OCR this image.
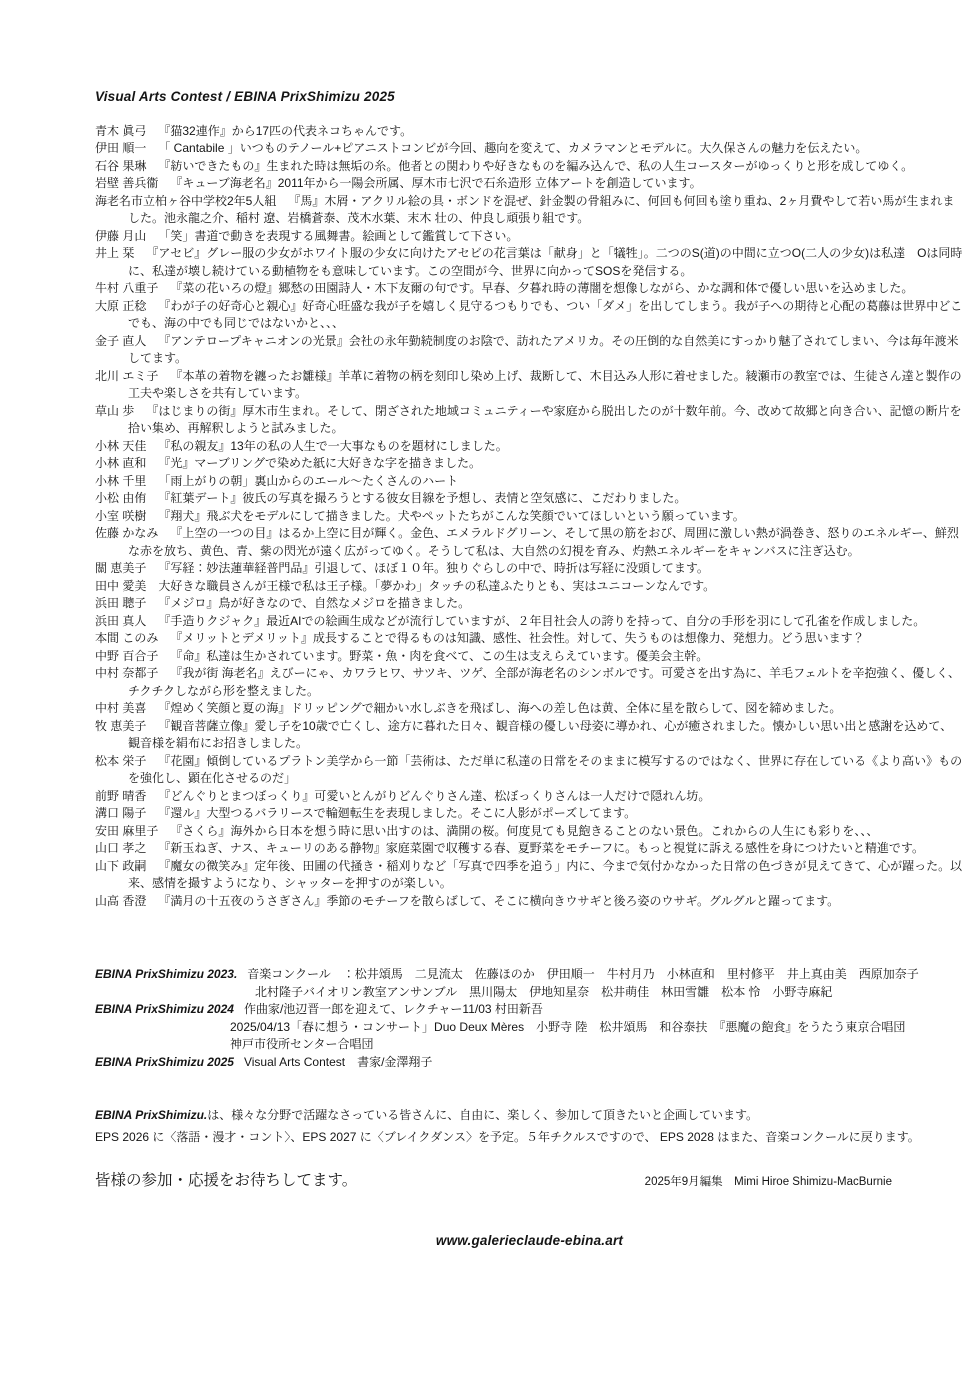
Visual Arts Contest / EBINA PrixShimizu 2025

青木 眞弓 『猫32連作』から17匹の代表ネコちゃんです。

伊田 順一 「 Cantabile 」いつものテノール+ピアニストコンビが今回、趣向を変えて、カメラマンとモデルに。大久保さんの魅力を伝えたい。

石谷 果琳 『紡いできたもの』生まれた時は無垢の糸。他者との関わりや好きなものを編み込んで、私の人生コースターがゆっくりと形を成してゆく。

岩壁 善兵衞 『キューブ海老名』2011年から一陽会所属、厚木市七沢で石糸造形 立体アートを創造しています。

海老名市立柏ヶ谷中学校2年5人組 『馬』木屑・アクリル絵の具・ボンドを混ぜ、針金製の骨組みに、何回も何回も塗り重ね、2ヶ月費やして若い馬が生まれました。池永龍之介、稲村 遼、岩橋蒼泰、茂木水葉、末木 壮の、仲良し頑張り組です。

伊藤 月山 「笑」書道で動きを表現する風舞書。絵画として鑑賞して下さい。

井上 栞 『アセビ』グレー服の少女がホワイト服の少女に向けたアセビの花言葉は「献身」と「犠牲」。二つのS(道)の中間に立つO(二人の少女)は私達　Oは同時に、私達が壊し続けている動植物をも意味しています。この空間が今、世界に向かってSOSを発信する。

牛村 八重子 『菜の花いろの燈』郷愁の田園詩人・木下友爾の句です。早春、夕暮れ時の薄闇を想像しながら、かな調和体で優しい思いを込めました。

大原 正稔 『わが子の好奇心と親心』好奇心旺盛な我が子を嬉しく見守るつもりでも、つい「ダメ」を出してしまう。我が子への期待と心配の葛藤は世界中どこでも、海の中でも同じではないかと、、、

金子 直人 『アンテロープキャニオンの光景』会社の永年勤続制度のお陰で、訪れたアメリカ。その圧倒的な自然美にすっかり魅了されてしまい、今は毎年渡米してます。

北川 エミ子 『本革の着物を纏ったお雛様』羊革に着物の柄を刻印し染め上げ、裁断して、木目込み人形に着せました。綾瀬市の教室では、生徒さん達と製作の工夫や楽しさを共有しています。

草山 歩 『はじまりの街』厚木市生まれ。そして、閉ざされた地域コミュニティーや家庭から脱出したのが十数年前。今、改めて故郷と向き合い、記憶の断片を拾い集め、再解釈しようと試みました。

小林 天佳 『私の親友』13年の私の人生で一大事なものを題材にしました。

小林 直和 『光』マーブリングで染めた紙に大好きな字を描きました。

小林 千里 「雨上がりの朝」裏山からのエール〜たくさんのハート

小松 由侑 『紅葉デート』彼氏の写真を撮ろうとする彼女目線を予想し、表情と空気感に、こだわりました。

小室 咲樹 『翔犬』飛ぶ犬をモデルにして描きました。犬やペットたちがこんな笑顔でいてほしいという願っています。

佐藤 かなみ 『上空の一つの目』はるか上空に目が輝く。金色、エメラルドグリーン、そして黒の筋をおび、周囲に激しい熱が渦巻き、怒りのエネルギー、鮮烈な赤を放ち、黄色、青、紫の閃光が遠く広がってゆく。そうして私は、大自然の幻視を育み、灼熱エネルギーをキャンバスに注ぎ込む。

關 恵美子 『写経：妙法蓮華経普門品』引退して、ほぼ１０年。独りぐらしの中で、時折は写経に没頭してます。

田中 愛美 大好きな職員さんが王様で私は王子様。「夢かわ」タッチの私達ふたりとも、実はユニコーンなんです。

浜田 聰子 『メジロ』鳥が好きなので、自然なメジロを描きました。

浜田 真人 『手造りクジャク』最近AIでの絵画生成などが流行していますが、２年目社会人の誇りを持って、自分の手形を羽にして孔雀を作成しました。

本間 このみ 『メリットとデメリット』成長することで得るものは知識、感性、社会性。対して、失うものは想像力、発想力。どう思います？

中野 百合子 『命』私達は生かされています。野菜・魚・肉を食べて、この生は支えらえています。優美会主幹。

中村 奈都子 『我が街 海老名』えびーにゃ、カワラヒワ、サツキ、ツゲ、全部が海老名のシンボルです。可愛さを出す為に、羊毛フェルトを辛抱強く、優しく、チクチクしながら形を整えました。

中村 美喜 『煌めく笑顔と夏の海』ドリッピングで細かい水しぶきを飛ばし、海への差し色は黄、全体に星を散らして、図を締めました。

牧 恵美子 『観音菩薩立像』愛し子を10歳で亡くし、途方に暮れた日々、観音様の優しい母姿に導かれ、心が癒されました。懐かしい思い出と感謝を込めて、観音様を絹布にお招きしました。

松本 栄子 『花園』傾倒しているプラトン美学から一節「芸術は、ただ単に私達の日常をそのままに模写するのではなく、世界に存在している《より高い》ものを強化し、顕在化させるのだ」

前野 晴香 『どんぐりとまつぼっくり』可愛いとんがりどんぐりさん達、松ぼっくりさんは一人だけで隠れん坊。

溝口 陽子 『還ル』大型つるバラリースで輪廻転生を表現しました。そこに人影がポーズしてます。

安田 麻里子 『さくら』海外から日本を想う時に思い出すのは、満開の桜。何度見ても見飽きることのない景色。これからの人生にも彩りを、、、

山口 孝之 『新玉ねぎ、ナス、キューリのある静物』家庭菜園で収穫する春、夏野菜をモチーフに。もっと視覚に訴える感性を身につけたいと精進です。

山下 政嗣 『魔女の微笑み』定年後、田圃の代掻き・稲刈りなど「写真で四季を追う」内に、今まで気付かなかった日常の色づきが見えてきて、心が躍った。以来、感情を撮すようになり、シャッターを押すのが楽しい。

山高 香澄 『満月の十五夜のうさぎさん』季節のモチーフを散らばして、そこに横向きウサギと後ろ姿のウサギ。グルグルと躍ってます。

EBINA PrixShimizu 2023. 音楽コンクール　：松井頌馬　二見流太　佐藤ほのか　伊田順一　牛村月乃　小林直和　里村修平　井上真由美　西原加奈子

北村隆子バイオリン教室アンサンブル　黒川陽太　伊地知星奈　松井萌佳　林田雪雛　松本 怜　小野寺麻紀

EBINA PrixShimizu 2024 作曲家/池辺晋一郎を迎えて、レクチャー11/03 村田新吾

2025/04/13「春に想う・コンサート」Duo Deux Mères　小野寺 陸　松井頌馬　和谷泰扶　『悪魔の飽食』をうたう東京合唱団

神戸市役所センター合唱団

EBINA PrixShimizu 2025 Visual Arts Contest　書家/金澤翔子

EBINA PrixShimizu.は、様々な分野で活躍なさっている皆さんに、自由に、楽しく、参加して頂きたいと企画しています。

EPS 2026 に〈落語・漫才・コント〉、EPS 2027 に〈ブレイクダンス〉を予定。５年チクルスですので、 EPS 2028 はまた、音楽コンクールに戻ります。

皆様の参加・応援をお待ちしてます。	2025年9月編集　Mimi Hiroe Shimizu-MacBurnie
www.galerieclaude-ebina.art
